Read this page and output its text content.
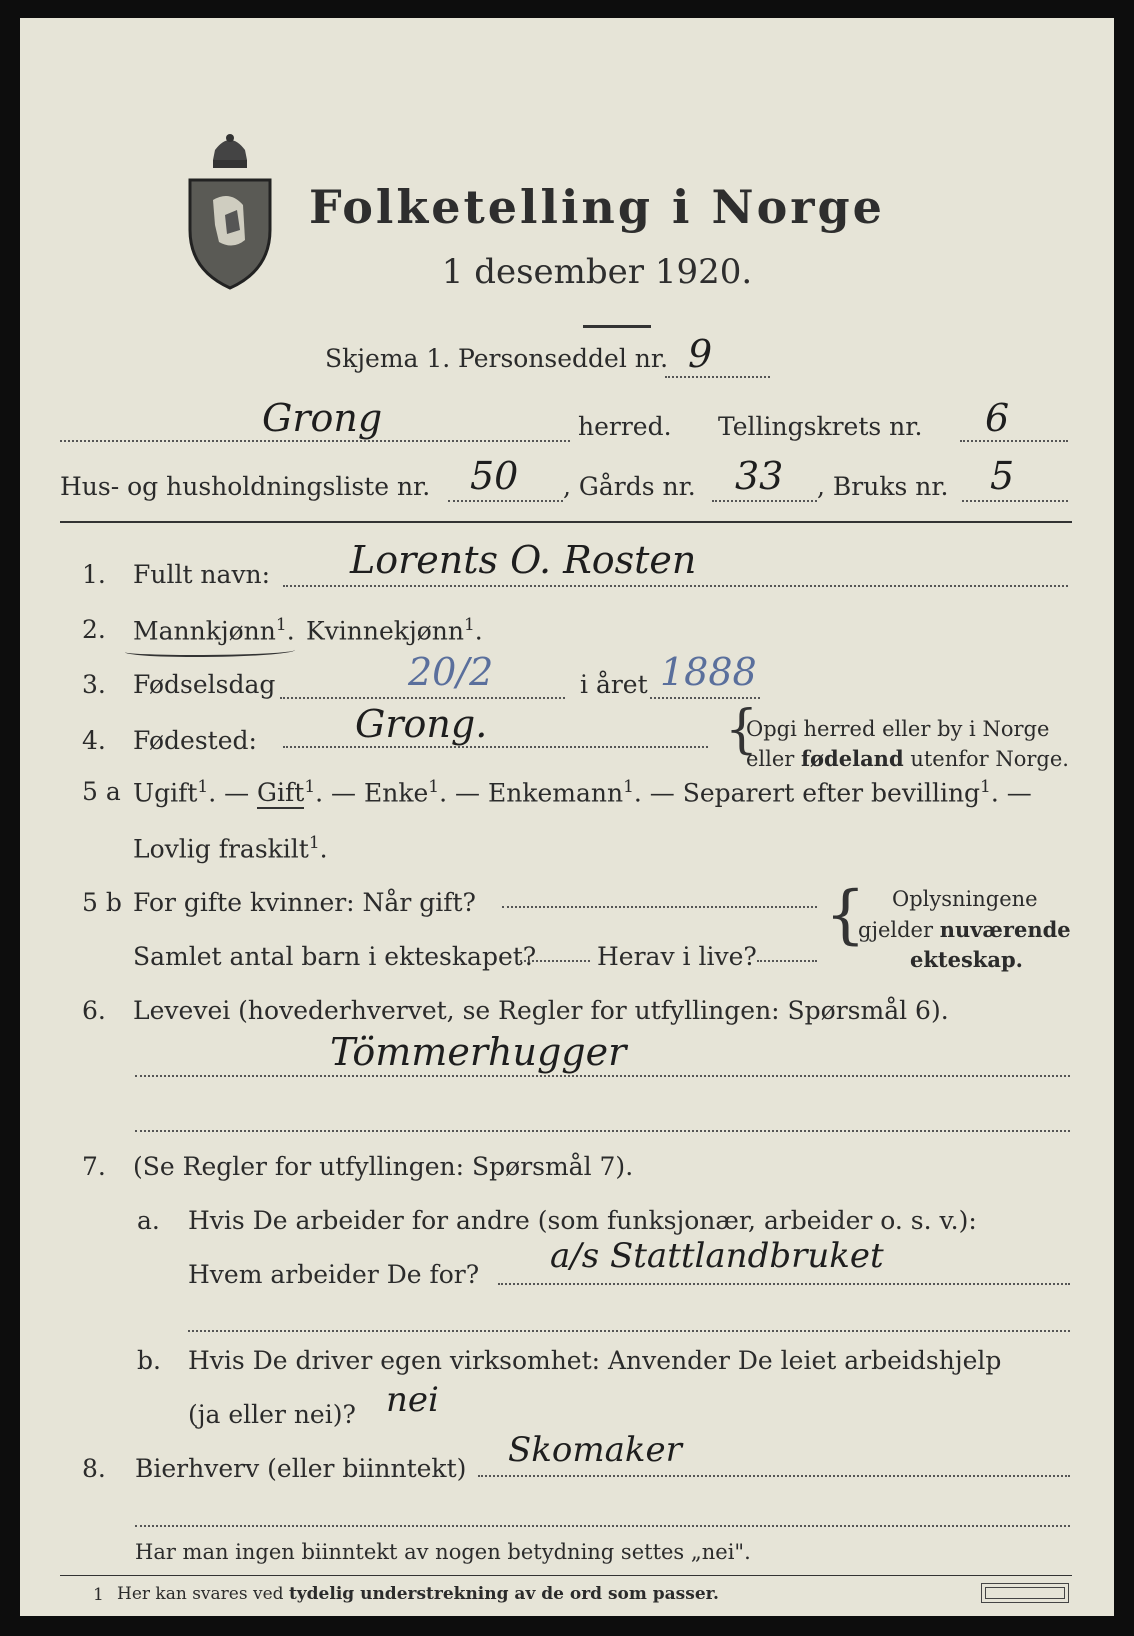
Folketelling i Norge
1 desember 1920.
Skjema 1. Personseddel nr. 9
Grong	herred. Tellingskrets nr. 6
Hus- og husholdningsliste nr. 50 , Gårds nr. 33 , Bruks nr. 5
1. Fullt navn: Lorents O. Rosten
2. Mannkjønn$^1$. Kvinnekjønn$^1$.
3. Fødselsdag	20/2	i året 1888
4. Fødested:	Grong.	{
Opgi herred eller by i Norge
eller fødeland utenfor Norge.
5 a Ugift$^1$. — Gift$^1$. — Enke$^1$. — Enkemann$^1$. — Separert efter bevilling$^1$. —
Lovlig fraskilt$^1$.
5 b For gifte kvinner: Når gift?
Samlet antal barn i ekteskapet? Herav i live?
{ Oplysningene
gjelder nuværende
ekteskap.
6. Levevei (hovederhvervet, se Regler for utfyllingen: Spørsmål 6).
Tömmerhugger
7. (Se Regler for utfyllingen: Spørsmål 7).
a. Hvis De arbeider for andre (som funksjonær, arbeider o. s. v.):
Hvem arbeider De for? a/s Stattlandbruket
b. Hvis De driver egen virksomhet: Anvender De leiet arbeidshjelp
(ja eller nei)? nei
8. Bierhverv (eller biinntekt) Skomaker
Har man ingen biinntekt av nogen betydning settes „nei".
1 Her kan svares ved tydelig understrekning av de ord som passer.
